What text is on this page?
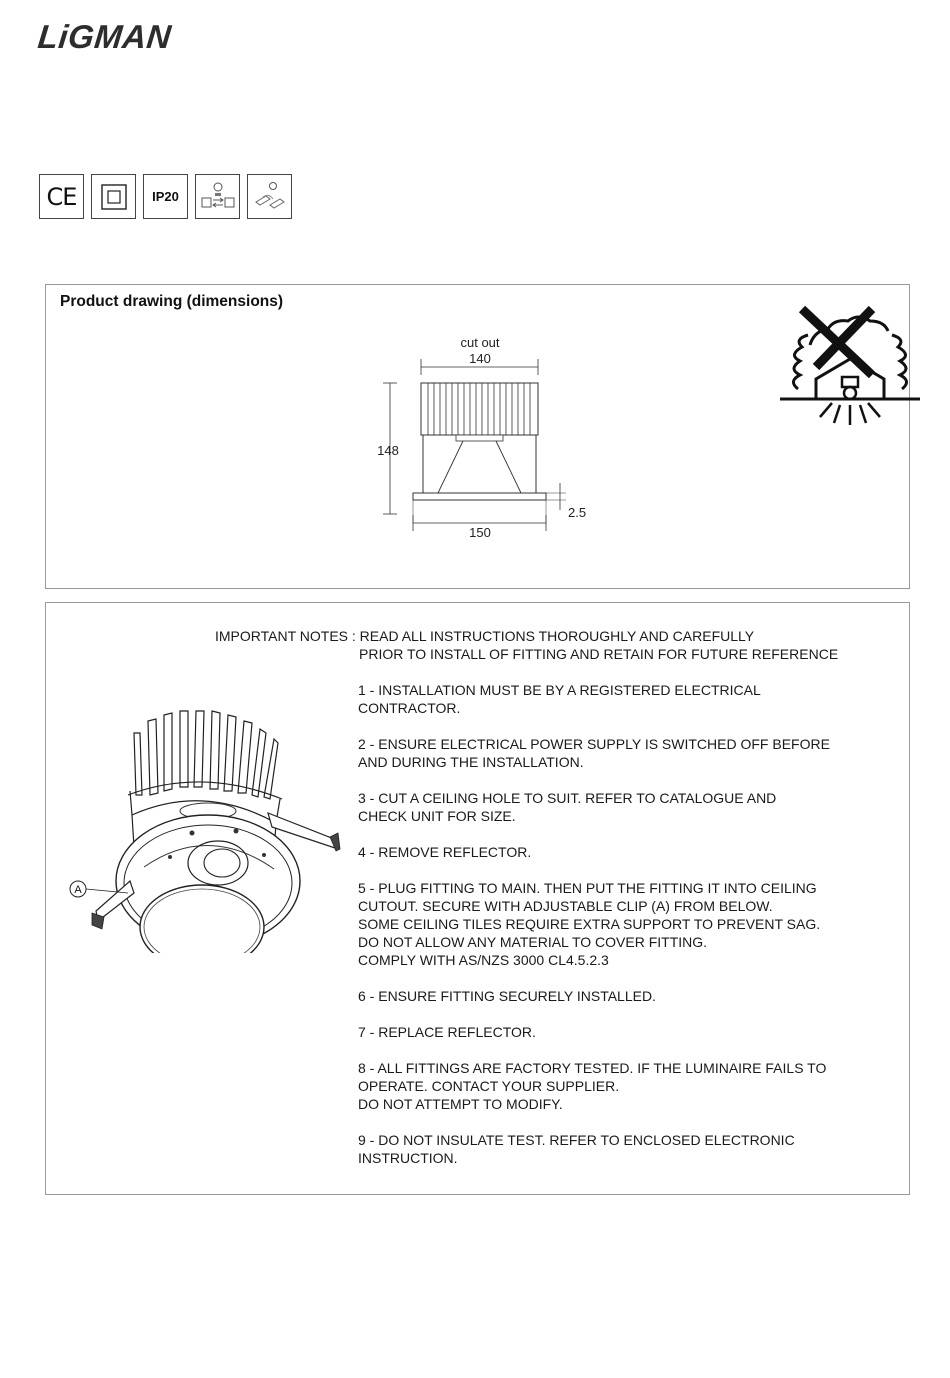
LiGMAN
CE	IP20
Product drawing (dimensions)
cut out
140
148
2.5
150
IMPORTANT NOTES : READ ALL INSTRUCTIONS THOROUGHLY AND CAREFULLY
PRIOR TO INSTALL OF FITTING AND RETAIN FOR FUTURE REFERENCE
A
1 - INSTALLATION MUST BE BY A REGISTERED ELECTRICAL
CONTRACTOR.
2 - ENSURE ELECTRICAL POWER SUPPLY IS SWITCHED OFF BEFORE
AND DURING THE INSTALLATION.
3 - CUT A CEILING HOLE TO SUIT. REFER TO CATALOGUE AND
CHECK UNIT FOR SIZE.
4 - REMOVE REFLECTOR.
5 - PLUG FITTING TO MAIN. THEN PUT THE FITTING IT INTO CEILING
CUTOUT. SECURE WITH ADJUSTABLE CLIP (A) FROM BELOW.
SOME CEILING TILES REQUIRE EXTRA SUPPORT TO PREVENT SAG.
DO NOT ALLOW ANY MATERIAL TO COVER FITTING.
COMPLY WITH AS/NZS 3000 CL4.5.2.3
6 - ENSURE FITTING SECURELY INSTALLED.
7 - REPLACE REFLECTOR.
8 - ALL FITTINGS ARE FACTORY TESTED. IF THE LUMINAIRE FAILS TO
OPERATE. CONTACT YOUR SUPPLIER.
DO NOT ATTEMPT TO MODIFY.
9 - DO NOT INSULATE TEST. REFER TO ENCLOSED ELECTRONIC
INSTRUCTION.
